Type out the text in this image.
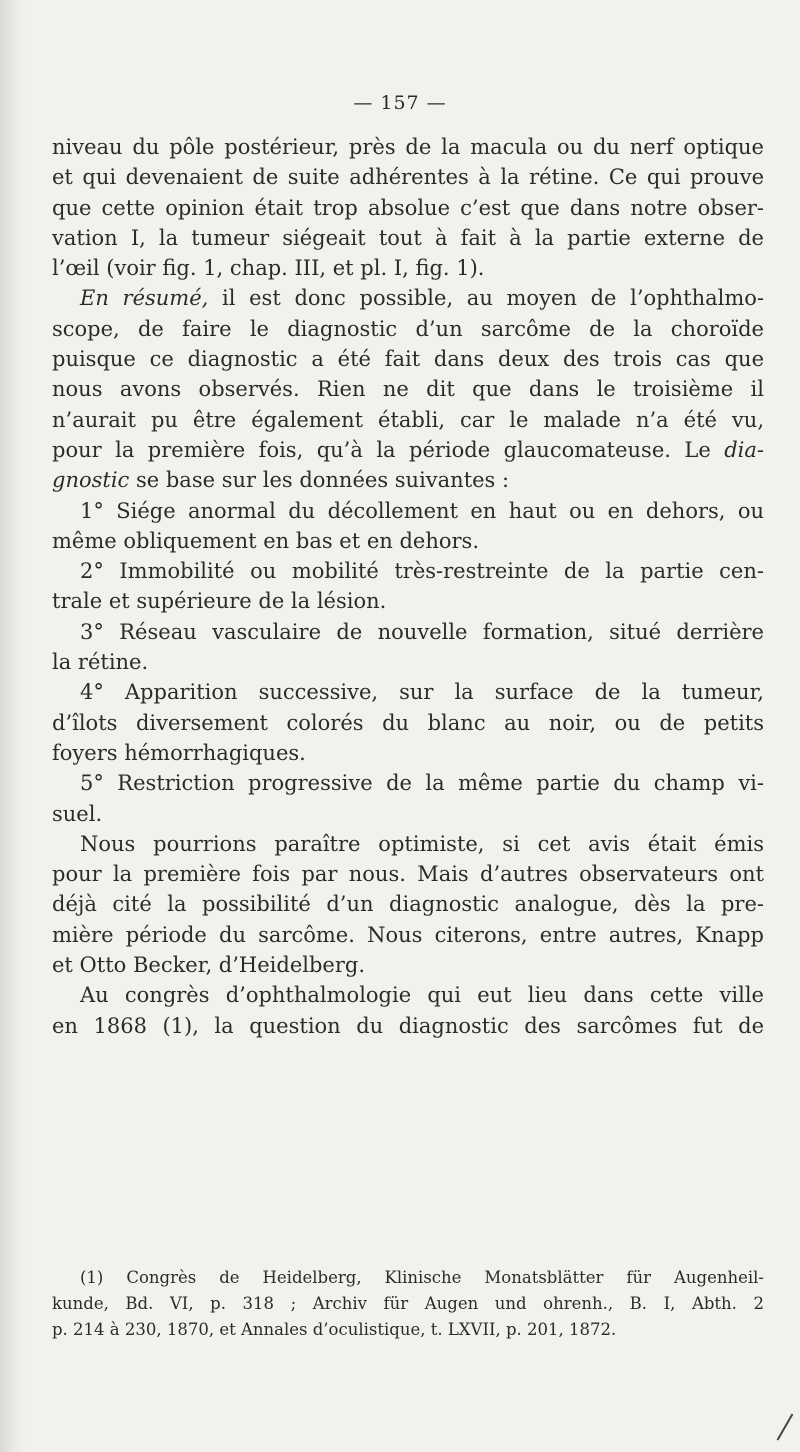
— 157 —

niveau du pôle postérieur, près de la macula ou du nerf optique
et qui devenaient de suite adhérentes à la rétine. Ce qui prouve
que cette opinion était trop absolue c’est que dans notre obser-
vation I, la tumeur siégeait tout à fait à la partie externe de
l’œil (voir fig. 1, chap. III, et pl. I, fig. 1).

En résumé, il est donc possible, au moyen de l’ophthalmo-
scope, de faire le diagnostic d’un sarcôme de la choroïde
puisque ce diagnostic a été fait dans deux des trois cas que
nous avons observés. Rien ne dit que dans le troisième il
n’aurait pu être également établi, car le malade n’a été vu,
pour la première fois, qu’à la période glaucomateuse. Le dia-
gnostic se base sur les données suivantes :

1° Siége anormal du décollement en haut ou en dehors, ou
même obliquement en bas et en dehors.

2° Immobilité ou mobilité très-restreinte de la partie cen-
trale et supérieure de la lésion.

3° Réseau vasculaire de nouvelle formation, situé derrière
la rétine.

4° Apparition successive, sur la surface de la tumeur,
d’îlots diversement colorés du blanc au noir, ou de petits
foyers hémorrhagiques.

5° Restriction progressive de la même partie du champ vi-
suel.

Nous pourrions paraître optimiste, si cet avis était émis
pour la première fois par nous. Mais d’autres observateurs ont
déjà cité la possibilité d’un diagnostic analogue, dès la pre-
mière période du sarcôme. Nous citerons, entre autres, Knapp
et Otto Becker, d’Heidelberg.

Au congrès d’ophthalmologie qui eut lieu dans cette ville
en 1868 (1), la question du diagnostic des sarcômes fut de

(1) Congrès de Heidelberg, Klinische Monatsblätter für Augenheil-
kunde, Bd. VI, p. 318 ; Archiv für Augen und ohrenh., B. I, Abth. 2
p. 214 à 230, 1870, et Annales d’oculistique, t. LXVII, p. 201, 1872.
